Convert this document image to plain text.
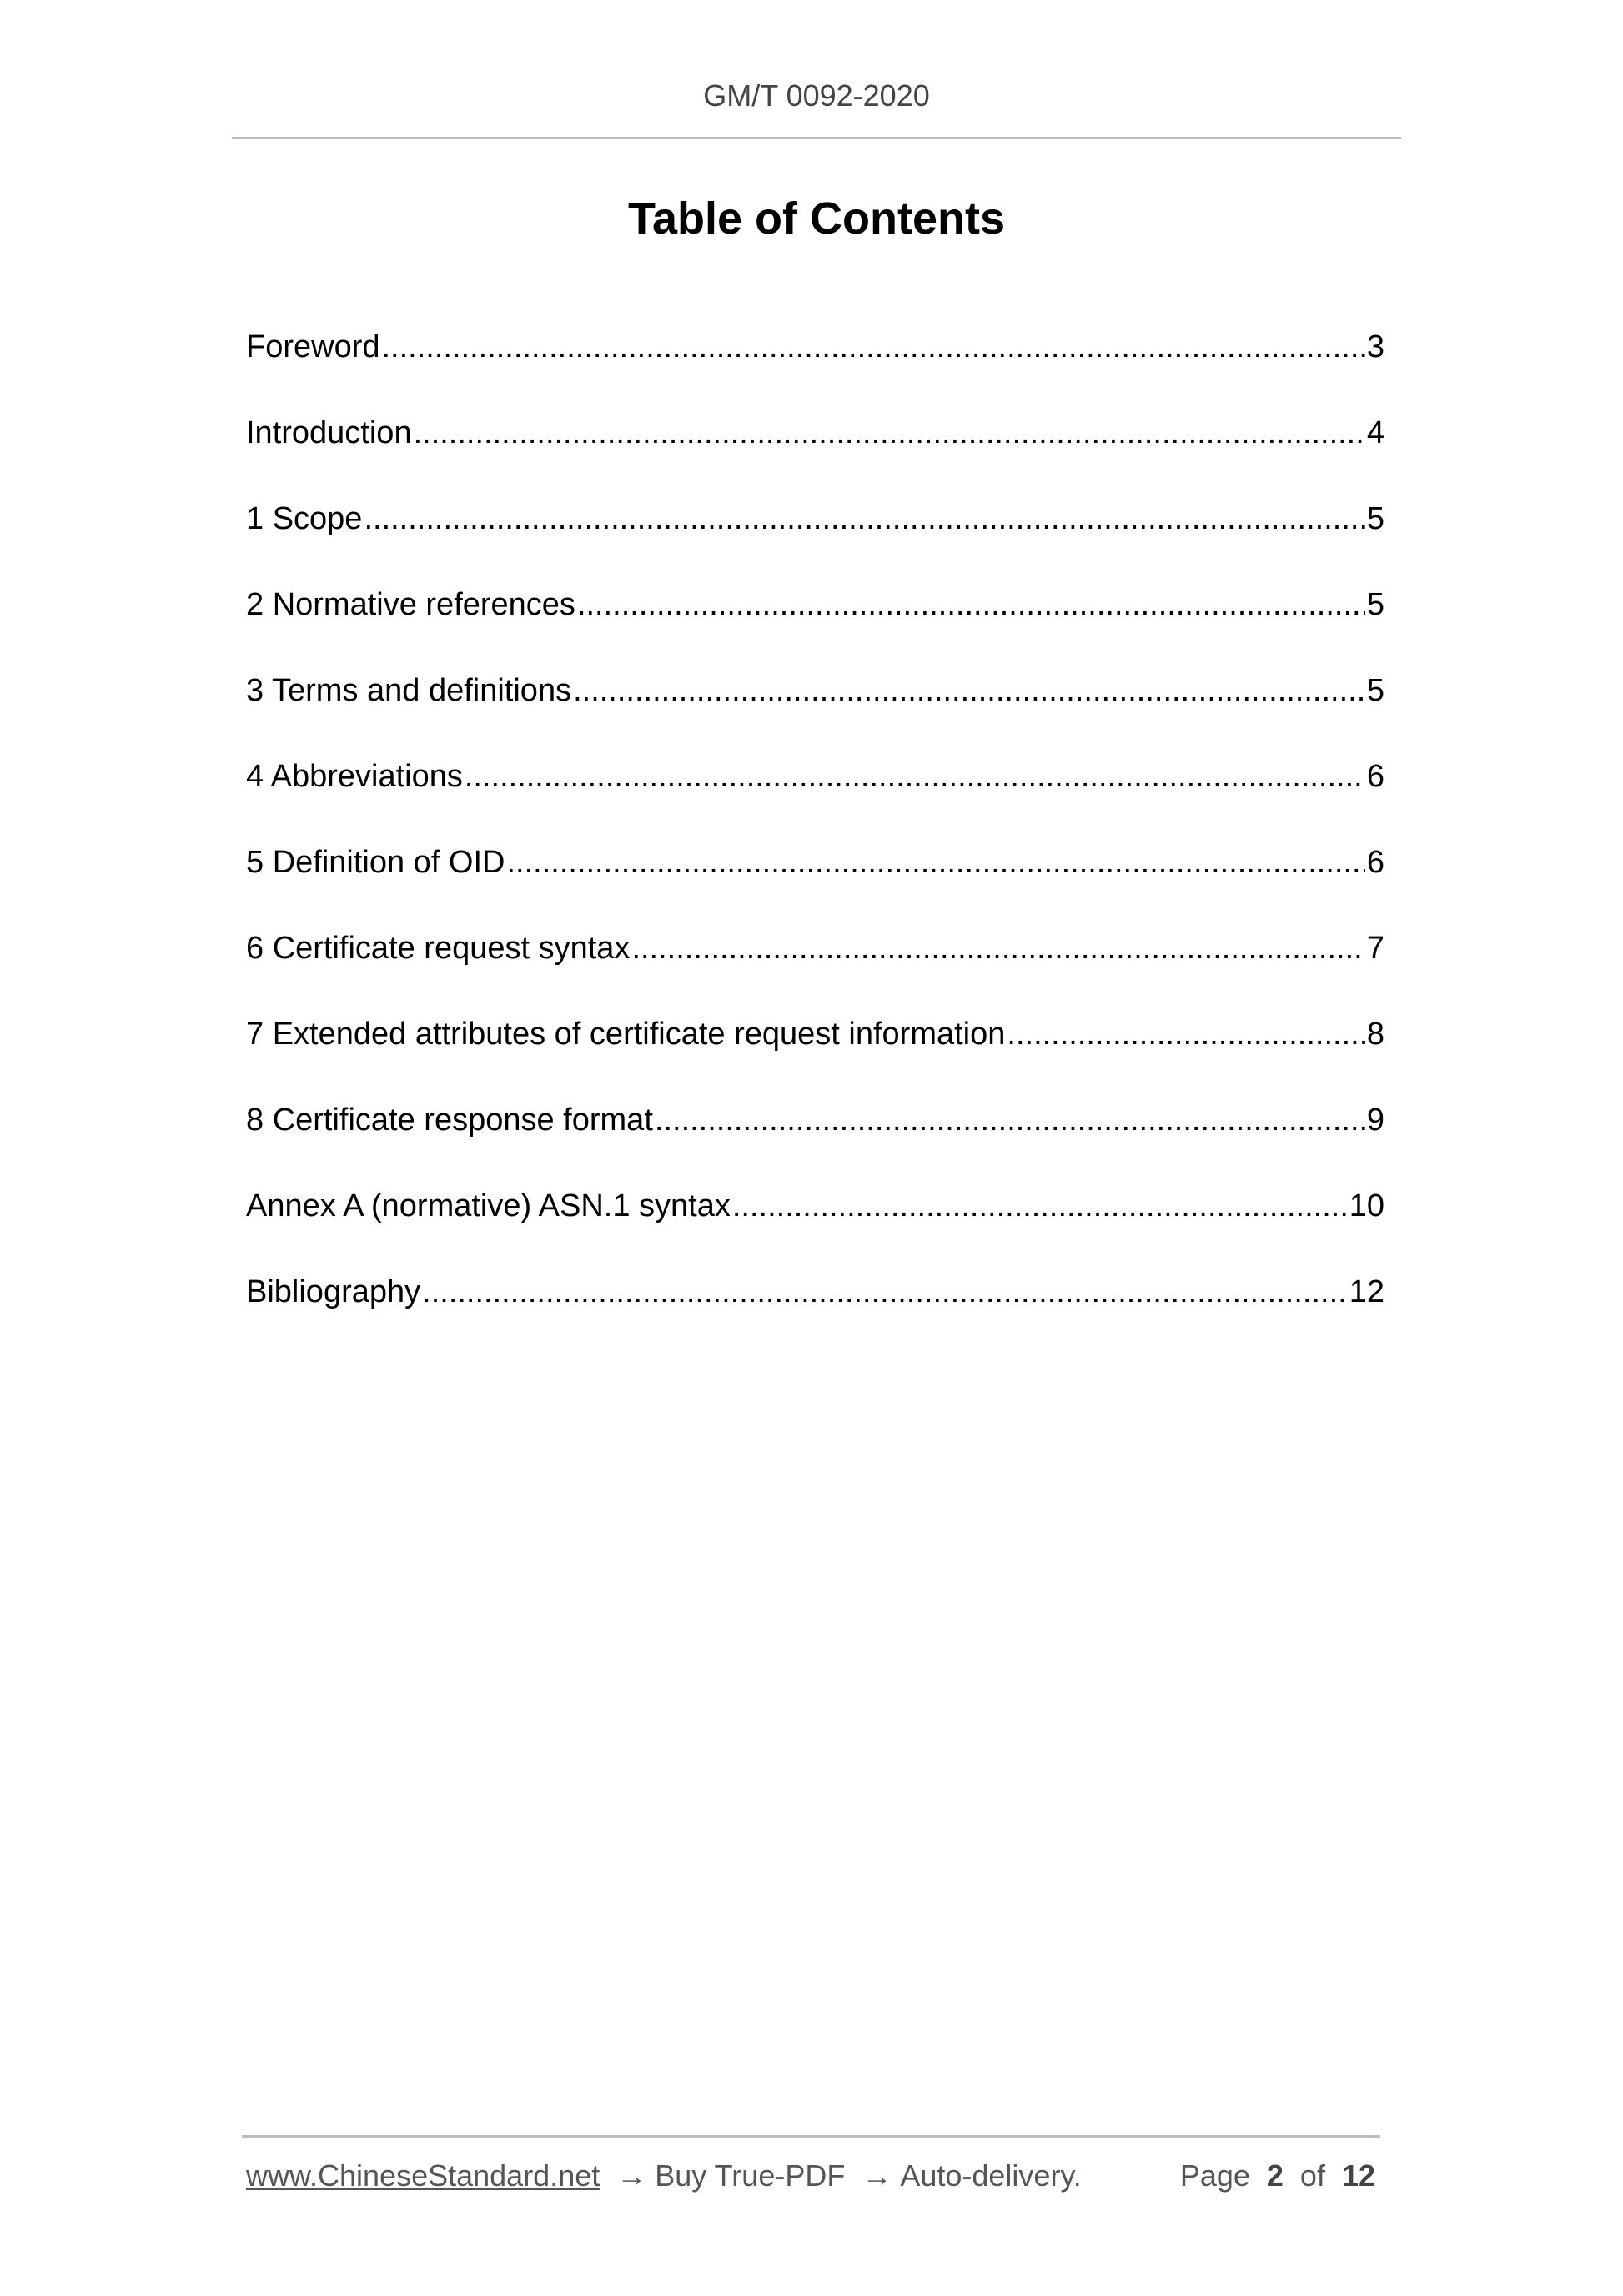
GM/T 0092-2020
Table of Contents
Foreword .....	3
Introduction .....	4
1 Scope .....	5
2 Normative references .....	5
3 Terms and definitions .....	5
4 Abbreviations .....	6
5 Definition of OID .....	6
6 Certificate request syntax .....	7
7 Extended attributes of certificate request information .....	8
8 Certificate response format .....	9
Annex A (normative) ASN.1 syntax .....	10
Bibliography .....	12
www.ChineseStandard.net → Buy True-PDF → Auto-delivery.	Page 2 of 12
